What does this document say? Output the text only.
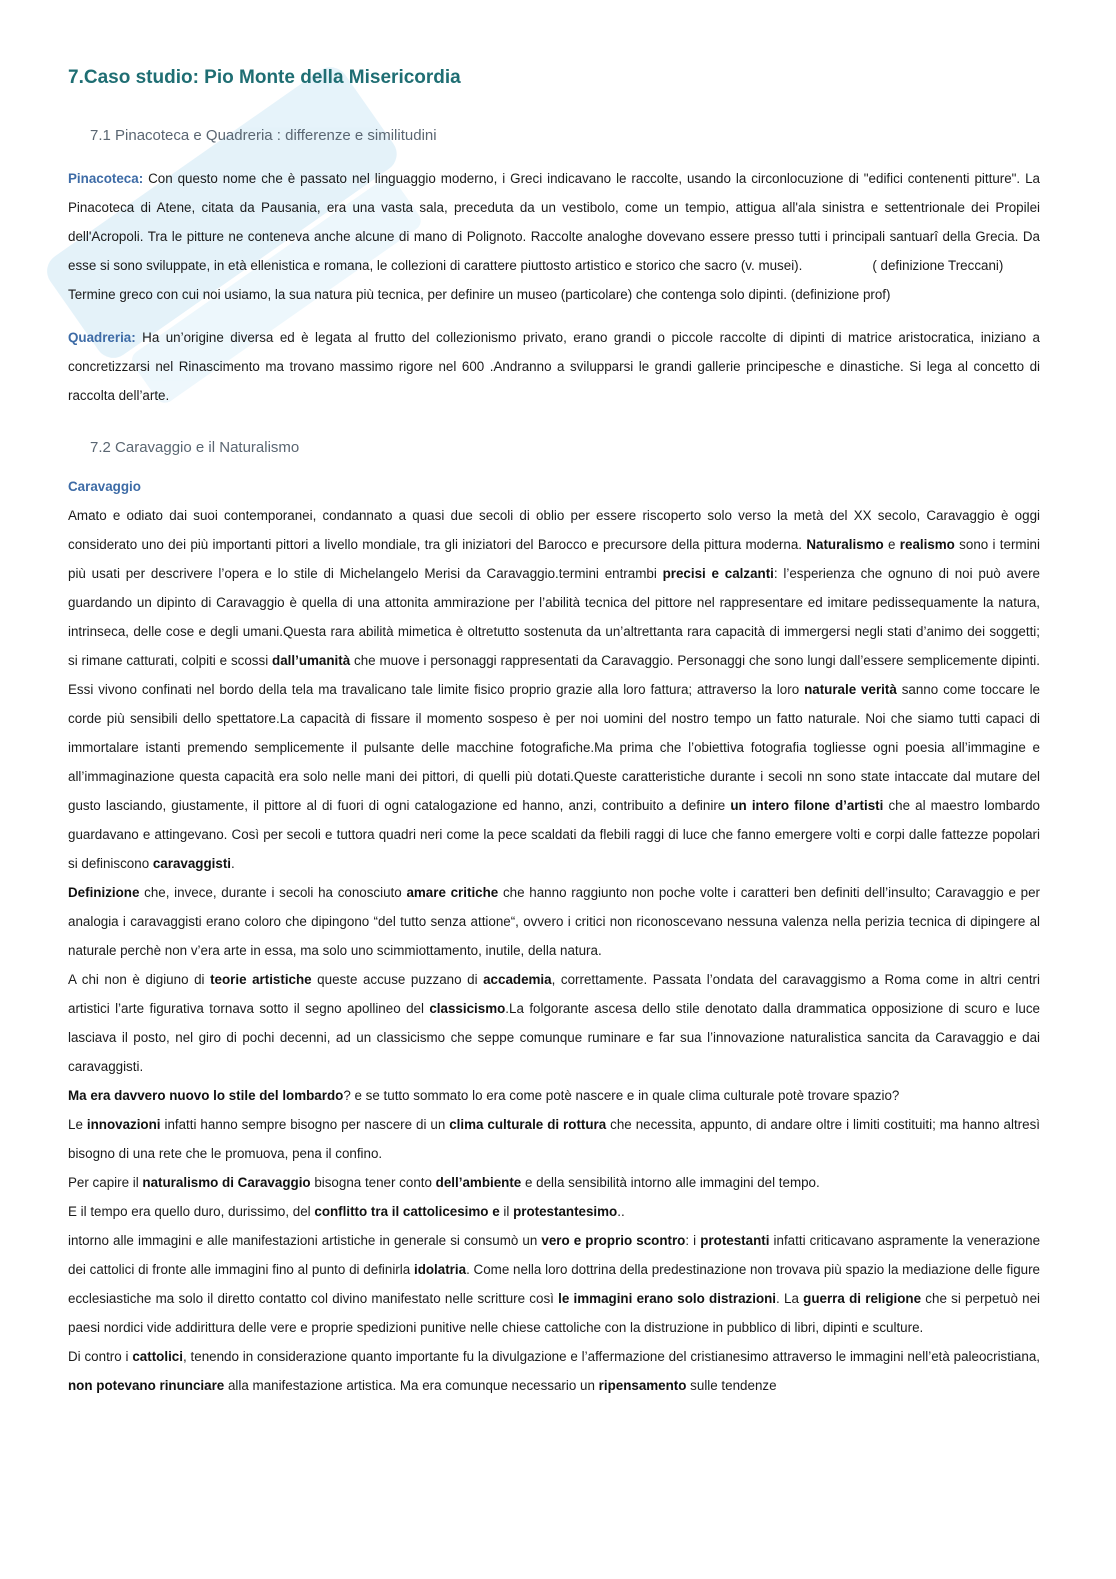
7.Caso studio: Pio Monte della Misericordia
7.1 Pinacoteca e Quadreria : differenze e similitudini

Pinacoteca: Con questo nome che è passato nel linguaggio moderno, i Greci indicavano le raccolte, usando la circonlocuzione di "edifici contenenti pitture". La Pinacoteca di Atene, citata da Pausania, era una vasta sala, preceduta da un vestibolo, come un tempio, attigua all'ala sinistra e settentrionale dei Propilei dell'Acropoli. Tra le pitture ne conteneva anche alcune di mano di Polignoto. Raccolte analoghe dovevano essere presso tutti i principali santuarî della Grecia. Da esse si sono sviluppate, in età ellenistica e romana, le collezioni di carattere piuttosto artistico e storico che sacro (v. musei).	( definizione Treccani)

Termine greco con cui noi usiamo, la sua natura più tecnica, per definire un museo (particolare) che contenga solo dipinti. (definizione prof)

Quadreria: Ha un’origine diversa ed è legata al frutto del collezionismo privato, erano grandi o piccole raccolte di dipinti di matrice aristocratica, iniziano a concretizzarsi nel Rinascimento ma trovano massimo rigore nel 600 .Andranno a svilupparsi le grandi gallerie principesche e dinastiche. Si lega al concetto di raccolta dell’arte.

7.2 Caravaggio e il Naturalismo

Caravaggio

Amato e odiato dai suoi contemporanei, condannato a quasi due secoli di oblio per essere riscoperto solo verso la metà del XX secolo, Caravaggio è oggi considerato uno dei più importanti pittori a livello mondiale, tra gli iniziatori del Barocco e precursore della pittura moderna. Naturalismo e realismo sono i termini più usati per descrivere l’opera e lo stile di Michelangelo Merisi da Caravaggio.termini entrambi precisi e calzanti: l’esperienza che ognuno di noi può avere guardando un dipinto di Caravaggio è quella di una attonita ammirazione per l’abilità tecnica del pittore nel rappresentare ed imitare pedissequamente la natura, intrinseca, delle cose e degli umani.Questa rara abilità mimetica è oltretutto sostenuta da un’altrettanta rara capacità di immergersi negli stati d’animo dei soggetti; si rimane catturati, colpiti e scossi dall’umanità che muove i personaggi rappresentati da Caravaggio. Personaggi che sono lungi dall’essere semplicemente dipinti. Essi vivono confinati nel bordo della tela ma travalicano tale limite fisico proprio grazie alla loro fattura; attraverso la loro naturale verità sanno come toccare le corde più sensibili dello spettatore.La capacità di fissare il momento sospeso è per noi uomini del nostro tempo un fatto naturale. Noi che siamo tutti capaci di immortalare istanti premendo semplicemente il pulsante delle macchine fotografiche.Ma prima che l’obiettiva fotografia togliesse ogni poesia all’immagine e all’immaginazione questa capacità era solo nelle mani dei pittori, di quelli più dotati.Queste caratteristiche durante i secoli nn sono state intaccate dal mutare del gusto lasciando, giustamente, il pittore al di fuori di ogni catalogazione ed hanno, anzi, contribuito a definire un intero filone d’artisti che al maestro lombardo guardavano e attingevano. Così per secoli e tuttora quadri neri come la pece scaldati da flebili raggi di luce che fanno emergere volti e corpi dalle fattezze popolari si definiscono caravaggisti.

Definizione che, invece, durante i secoli ha conosciuto amare critiche che hanno raggiunto non poche volte i caratteri ben definiti dell’insulto; Caravaggio e per analogia i caravaggisti erano coloro che dipingono “del tutto senza attione“, ovvero i critici non riconoscevano nessuna valenza nella perizia tecnica di dipingere al naturale perchè non v’era arte in essa, ma solo uno scimmiottamento, inutile, della natura.

A chi non è digiuno di teorie artistiche queste accuse puzzano di accademia, correttamente. Passata l’ondata del caravaggismo a Roma come in altri centri artistici l’arte figurativa tornava sotto il segno apollineo del classicismo.La folgorante ascesa dello stile denotato dalla drammatica opposizione di scuro e luce lasciava il posto, nel giro di pochi decenni, ad un classicismo che seppe comunque ruminare e far sua l’innovazione naturalistica sancita da Caravaggio e dai caravaggisti.

Ma era davvero nuovo lo stile del lombardo? e se tutto sommato lo era come potè nascere e in quale clima culturale potè trovare spazio?

Le innovazioni infatti hanno sempre bisogno per nascere di un clima culturale di rottura che necessita, appunto, di andare oltre i limiti costituiti; ma hanno altresì bisogno di una rete che le promuova, pena il confino.

Per capire il naturalismo di Caravaggio bisogna tener conto dell’ambiente e della sensibilità intorno alle immagini del tempo.

E il tempo era quello duro, durissimo, del conflitto tra il cattolicesimo e il protestantesimo..

intorno alle immagini e alle manifestazioni artistiche in generale si consumò un vero e proprio scontro: i protestanti infatti criticavano aspramente la venerazione dei cattolici di fronte alle immagini fino al punto di definirla idolatria. Come nella loro dottrina della predestinazione non trovava più spazio la mediazione delle figure ecclesiastiche ma solo il diretto contatto col divino manifestato nelle scritture così le immagini erano solo distrazioni. La guerra di religione che si perpetuò nei paesi nordici vide addirittura delle vere e proprie spedizioni punitive nelle chiese cattoliche con la distruzione in pubblico di libri, dipinti e sculture.

Di contro i cattolici, tenendo in considerazione quanto importante fu la divulgazione e l’affermazione del cristianesimo attraverso le immagini nell’età paleocristiana, non potevano rinunciare alla manifestazione artistica. Ma era comunque necessario un ripensamento sulle tendenze
